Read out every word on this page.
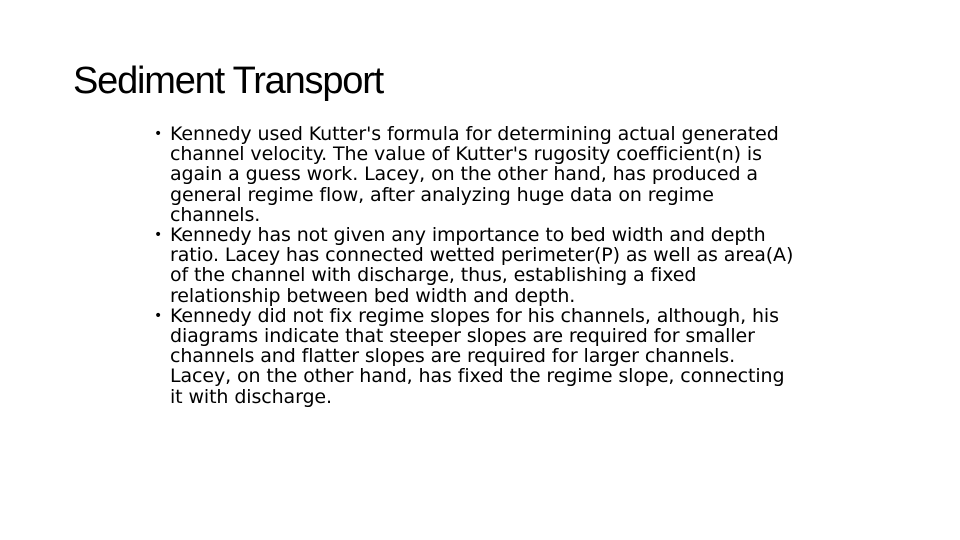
Sediment Transport
• Kennedy used Kutter's formula for determining actual generated channel velocity. The value of Kutter's rugosity coefficient(n) is again a guess work. Lacey, on the other hand, has produced a general regime flow, after analyzing huge data on regime channels.
• Kennedy has not given any importance to bed width and depth ratio. Lacey has connected wetted perimeter(P) as well as area(A) of the channel with discharge, thus, establishing a fixed relationship between bed width and depth.
• Kennedy did not fix regime slopes for his channels, although, his diagrams indicate that steeper slopes are required for smaller channels and flatter slopes are required for larger channels. Lacey, on the other hand, has fixed the regime slope, connecting it with discharge.
